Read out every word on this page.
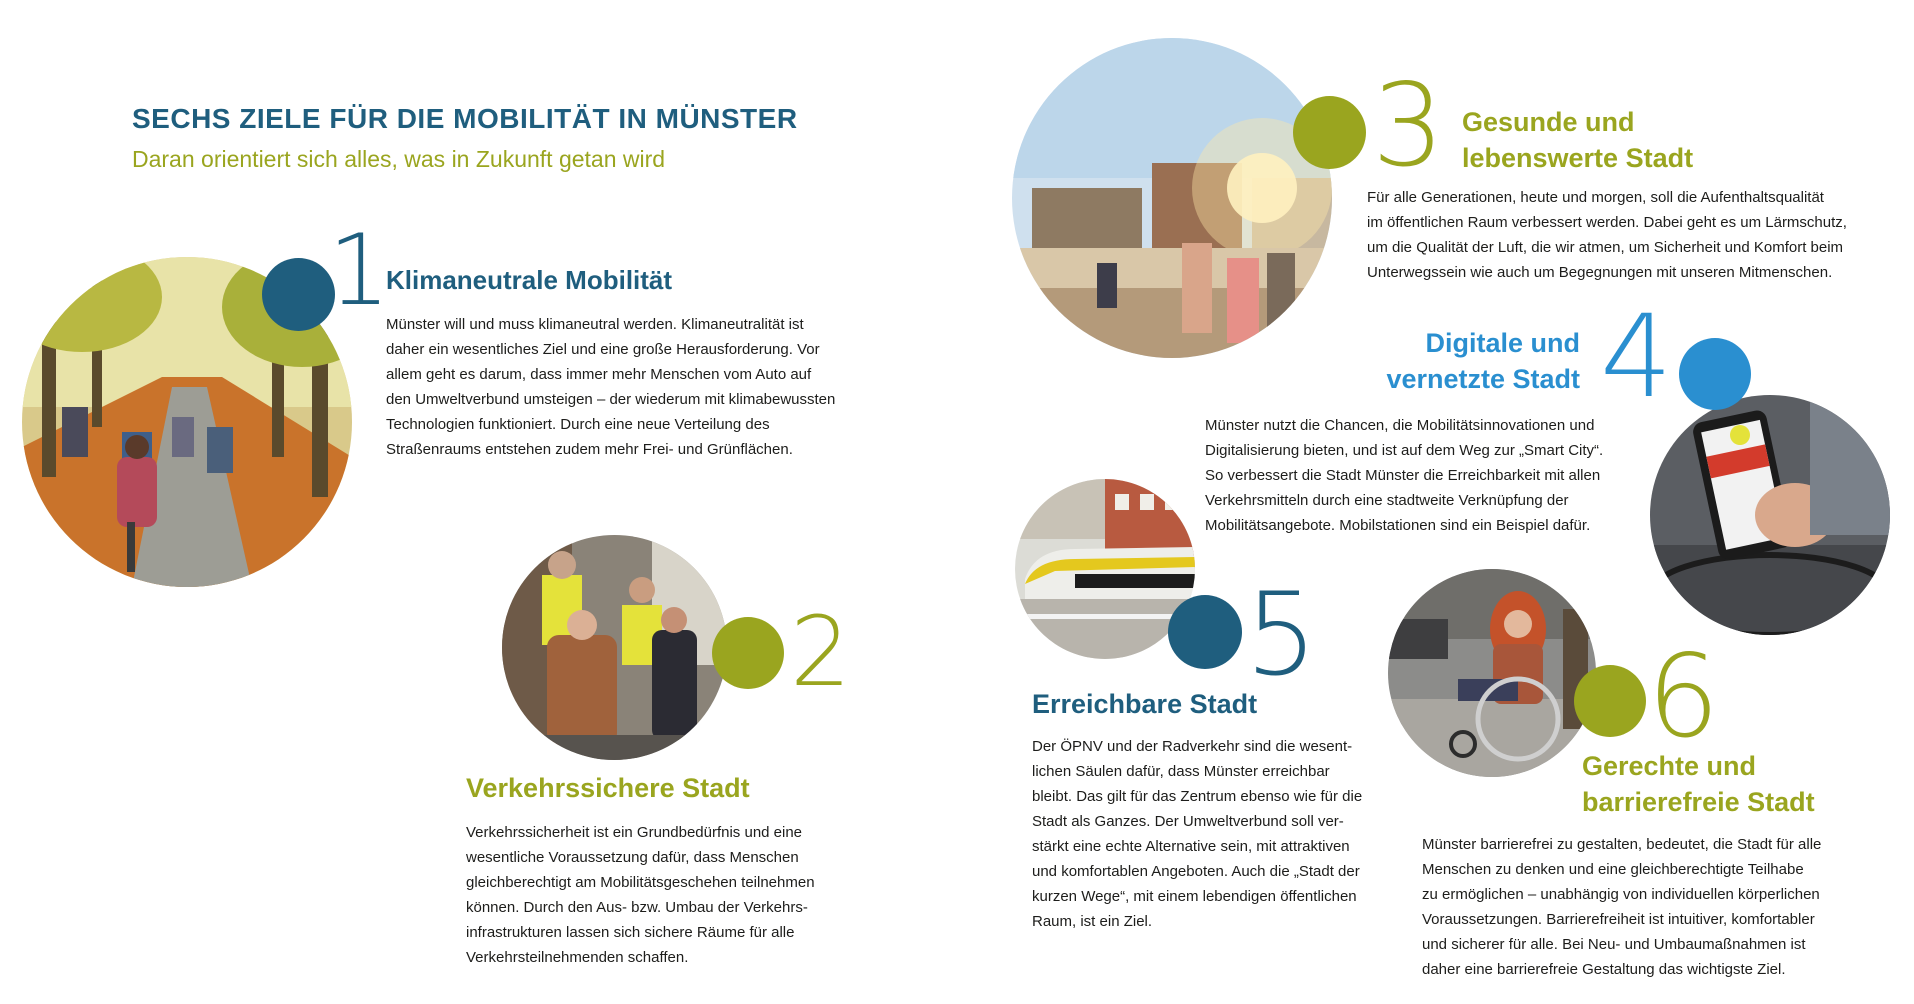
SECHS ZIELE FÜR DIE MOBILITÄT IN MÜNSTER
Daran orientiert sich alles, was in Zukunft getan wird
1
Klimaneutrale Mobilität
Münster will und muss klimaneutral werden. Klimaneutralität ist
daher ein wesentliches Ziel und eine große Herausforderung. Vor
allem geht es darum, dass immer mehr Menschen vom Auto auf
den Umweltverbund umsteigen – der wiederum mit klimabewussten
Technologien funktioniert. Durch eine neue Verteilung des
Straßenraums entstehen zudem mehr Frei- und Grünflächen.
2
Verkehrssichere Stadt
Verkehrssicherheit ist ein Grundbedürfnis und eine
wesentliche Voraussetzung dafür, dass Menschen
gleichberechtigt am Mobilitätsgeschehen teilnehmen
können. Durch den Aus- bzw. Umbau der Verkehrs-
infrastrukturen lassen sich sichere Räume für alle
Verkehrsteilnehmenden schaffen.
3 Gesunde und
lebenswerte Stadt
Für alle Generationen, heute und morgen, soll die Aufenthaltsqualität
im öffentlichen Raum verbessert werden. Dabei geht es um Lärmschutz,
um die Qualität der Luft, die wir atmen, um Sicherheit und Komfort beim
Unterwegssein wie auch um Begegnungen mit unseren Mitmenschen.
Digitale und
vernetzte Stadt 4
Münster nutzt die Chancen, die Mobilitätsinnovationen und
Digitalisierung bieten, und ist auf dem Weg zur „Smart City“.
So verbessert die Stadt Münster die Erreichbarkeit mit allen
Verkehrsmitteln durch eine stadtweite Verknüpfung der
Mobilitätsangebote. Mobilstationen sind ein Beispiel dafür.
5
Erreichbare Stadt
Der ÖPNV und der Radverkehr sind die wesent-
lichen Säulen dafür, dass Münster erreichbar
bleibt. Das gilt für das Zentrum ebenso wie für die
Stadt als Ganzes. Der Umweltverbund soll ver-
stärkt eine echte Alternative sein, mit attraktiven
und komfortablen Angeboten. Auch die „Stadt der
kurzen Wege“, mit einem lebendigen öffentlichen
Raum, ist ein Ziel.
6
Gerechte und
barrierefreie Stadt
Münster barrierefrei zu gestalten, bedeutet, die Stadt für alle
Menschen zu denken und eine gleichberechtigte Teilhabe
zu ermöglichen – unabhängig von individuellen körperlichen
Voraussetzungen. Barrierefreiheit ist intuitiver, komfortabler
und sicherer für alle. Bei Neu- und Umbaumaßnahmen ist
daher eine barrierefreie Gestaltung das wichtigste Ziel.
